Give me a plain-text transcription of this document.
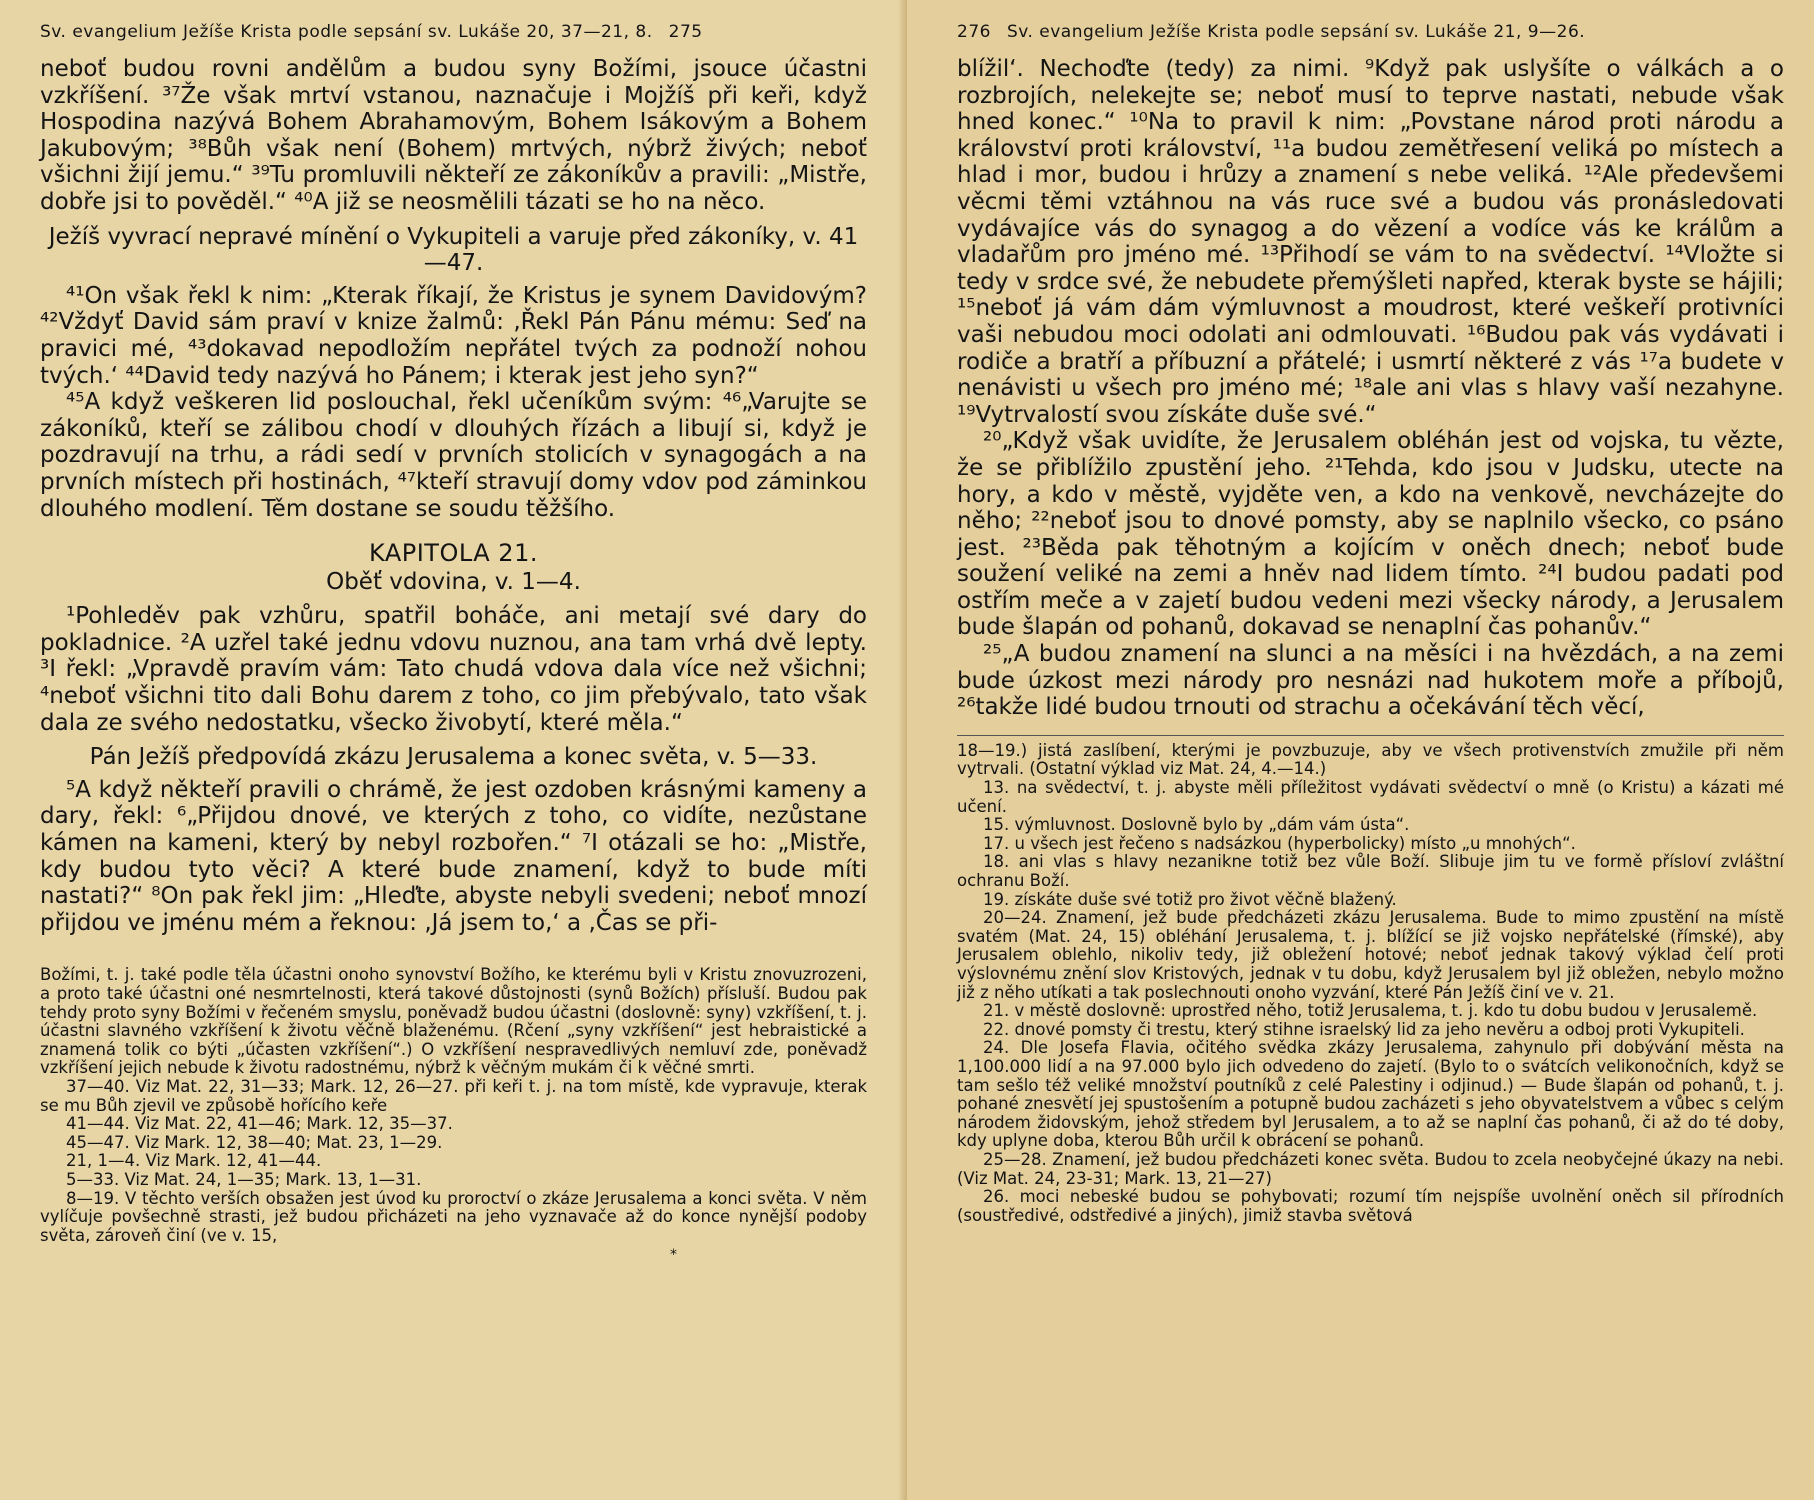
Sv. evangelium Ježíše Krista podle sepsání sv. Lukáše 20, 37—21, 8. 275

neboť budou rovni andělům a budou syny Božími, jsouce účastni vzkříšení. ³⁷Že však mrtví vstanou, naznačuje i Mojžíš při keři, když Hospodina nazývá Bohem Abrahamovým, Bohem Isákovým a Bohem Jakubovým; ³⁸Bůh však není (Bohem) mrtvých, nýbrž živých; neboť všichni žijí jemu.“ ³⁹Tu promluvili někteří ze zákoníkův a pravili: „Mistře, dobře jsi to pověděl.“ ⁴⁰A již se neosmělili tázati se ho na něco.

Ježíš vyvrací nepravé mínění o Vykupiteli a varuje před zákoníky, v. 41—47.

⁴¹On však řekl k nim: „Kterak říkají, že Kristus je synem Davidovým? ⁴²Vždyť David sám praví v knize žalmů: ‚Řekl Pán Pánu mému: Seď na pravici mé, ⁴³dokavad nepodložím nepřátel tvých za podnoží nohou tvých.‘ ⁴⁴David tedy nazývá ho Pánem; i kterak jest jeho syn?“

⁴⁵A když veškeren lid poslouchal, řekl učeníkům svým: ⁴⁶„Varujte se zákoníků, kteří se zálibou chodí v dlouhých řízách a libují si, když je pozdravují na trhu, a rádi sedí v prvních stolicích v synagogách a na prvních místech při hostinách, ⁴⁷kteří stravují domy vdov pod záminkou dlouhého modlení. Těm dostane se soudu těžšího.

KAPITOLA 21.
Oběť vdovina, v. 1—4.

¹Pohleděv pak vzhůru, spatřil boháče, ani metají své dary do pokladnice. ²A uzřel také jednu vdovu nuznou, ana tam vrhá dvě lepty. ³I řekl: „Vpravdě pravím vám: Tato chudá vdova dala více než všichni; ⁴neboť všichni tito dali Bohu darem z toho, co jim přebývalo, tato však dala ze svého nedostatku, všecko živobytí, které měla.“

Pán Ježíš předpovídá zkázu Jerusalema a konec světa, v. 5—33.

⁵A když někteří pravili o chrámě, že jest ozdoben krásnými kameny a dary, řekl: ⁶„Přijdou dnové, ve kterých z toho, co vidíte, nezůstane kámen na kameni, který by nebyl rozbořen.“ ⁷I otázali se ho: „Mistře, kdy budou tyto věci? A které bude znamení, když to bude míti nastati?“ ⁸On pak řekl jim: „Hleďte, abyste nebyli svedeni; neboť mnozí přijdou ve jménu mém a řeknou: ‚Já jsem to,‘ a ‚Čas se při-

Božími, t. j. také podle těla účastni onoho synovství Božího, ke kterému byli v Kristu znovuzrozeni, a proto také účastni oné nesmrtelnosti, která takové důstojnosti (synů Božích) přísluší. Budou pak tehdy proto syny Božími v řečeném smyslu, poněvadž budou účastni (doslovně: syny) vzkříšení, t. j. účastni slavného vzkříšení k životu věčně blaženému. (Rčení „syny vzkříšení“ jest hebraistické a znamená tolik co býti „účasten vzkříšení“.) O vzkříšení nespravedlivých nemluví zde, poněvadž vzkříšení jejich nebude k životu radostnému, nýbrž k věčným mukám či k věčné smrti.

37—40. Viz Mat. 22, 31—33; Mark. 12, 26—27. při keři t. j. na tom místě, kde vypravuje, kterak se mu Bůh zjevil ve způsobě hořícího keře

41—44. Viz Mat. 22, 41—46; Mark. 12, 35—37.

45—47. Viz Mark. 12, 38—40; Mat. 23, 1—29.

21, 1—4. Viz Mark. 12, 41—44.

5—33. Viz Mat. 24, 1—35; Mark. 13, 1—31.

8—19. V těchto verších obsažen jest úvod ku proroctví o zkáze Jerusalema a konci světa. V něm vylíčuje povšechně strasti, jež budou přicházeti na jeho vyznavače až do konce nynější podoby světa, zároveň činí (ve v. 15,

*
276 Sv. evangelium Ježíše Krista podle sepsání sv. Lukáše 21, 9—26.

blížil‘. Nechoďte (tedy) za nimi. ⁹Když pak uslyšíte o válkách a o rozbrojích, nelekejte se; neboť musí to teprve nastati, nebude však hned konec.“ ¹⁰Na to pravil k nim: „Povstane národ proti národu a království proti království, ¹¹a budou zemětřesení veliká po místech a hlad i mor, budou i hrůzy a znamení s nebe veliká. ¹²Ale předevšemi věcmi těmi vztáhnou na vás ruce své a budou vás pronásledovati vydávajíce vás do synagog a do vězení a vodíce vás ke králům a vladařům pro jméno mé. ¹³Přihodí se vám to na svědectví. ¹⁴Vložte si tedy v srdce své, že nebudete přemýšleti napřed, kterak byste se hájili; ¹⁵neboť já vám dám výmluvnost a moudrost, které veškeří protivníci vaši nebudou moci odolati ani odmlouvati. ¹⁶Budou pak vás vydávati i rodiče a bratří a příbuzní a přátelé; i usmrtí některé z vás ¹⁷a budete v nenávisti u všech pro jméno mé; ¹⁸ale ani vlas s hlavy vaší nezahyne. ¹⁹Vytrvalostí svou získáte duše své.“

²⁰„Když však uvidíte, že Jerusalem obléhán jest od vojska, tu vězte, že se přiblížilo zpustění jeho. ²¹Tehda, kdo jsou v Judsku, utecte na hory, a kdo v městě, vyjděte ven, a kdo na venkově, nevcházejte do něho; ²²neboť jsou to dnové pomsty, aby se naplnilo všecko, co psáno jest. ²³Běda pak těhotným a kojícím v oněch dnech; neboť bude soužení veliké na zemi a hněv nad lidem tímto. ²⁴I budou padati pod ostřím meče a v zajetí budou vedeni mezi všecky národy, a Jerusalem bude šlapán od pohanů, dokavad se nenaplní čas pohanův.“

²⁵„A budou znamení na slunci a na měsíci i na hvězdách, a na zemi bude úzkost mezi národy pro nesnázi nad hukotem moře a příbojů, ²⁶takže lidé budou trnouti od strachu a očekávání těch věcí,

18—19.) jistá zaslíbení, kterými je povzbuzuje, aby ve všech protivenstvích zmužile při něm vytrvali. (Ostatní výklad viz Mat. 24, 4.—14.)

13. na svědectví, t. j. abyste měli příležitost vydávati svědectví o mně (o Kristu) a kázati mé učení.

15. výmluvnost. Doslovně bylo by „dám vám ústa“.

17. u všech jest řečeno s nadsázkou (hyperbolicky) místo „u mnohých“.

18. ani vlas s hlavy nezanikne totiž bez vůle Boží. Slibuje jim tu ve formě přísloví zvláštní ochranu Boží.

19. získáte duše své totiž pro život věčně blažený.

20—24. Znamení, jež bude předcházeti zkázu Jerusalema. Bude to mimo zpustění na místě svatém (Mat. 24, 15) obléhání Jerusalema, t. j. blížící se již vojsko nepřátelské (římské), aby Jerusalem oblehlo, nikoliv tedy, již obležení hotové; neboť jednak takový výklad čelí proti výslovnému znění slov Kristových, jednak v tu dobu, když Jerusalem byl již obležen, nebylo možno již z něho utíkati a tak poslechnouti onoho vyzvání, které Pán Ježíš činí ve v. 21.

21. v městě doslovně: uprostřed něho, totiž Jerusalema, t. j. kdo tu dobu budou v Jerusalemě.

22. dnové pomsty či trestu, který stihne israelský lid za jeho nevěru a odboj proti Vykupiteli.

24. Dle Josefa Flavia, očitého svědka zkázy Jerusalema, zahynulo při dobývání města na 1,100.000 lidí a na 97.000 bylo jich odvedeno do zajetí. (Bylo to o svátcích velikonočních, když se tam sešlo též veliké množství poutníků z celé Palestiny i odjinud.) — Bude šlapán od pohanů, t. j. pohané znesvětí jej spustošením a potupně budou zacházeti s jeho obyvatelstvem a vůbec s celým národem židovským, jehož středem byl Jerusalem, a to až se naplní čas pohanů, či až do té doby, kdy uplyne doba, kterou Bůh určil k obrácení se pohanů.

25—28. Znamení, jež budou předcházeti konec světa. Budou to zcela neobyčejné úkazy na nebi. (Viz Mat. 24, 23-31; Mark. 13, 21—27)

26. moci nebeské budou se pohybovati; rozumí tím nejspíše uvolnění oněch sil přírodních (soustředivé, odstředivé a jiných), jimiž stavba světová
